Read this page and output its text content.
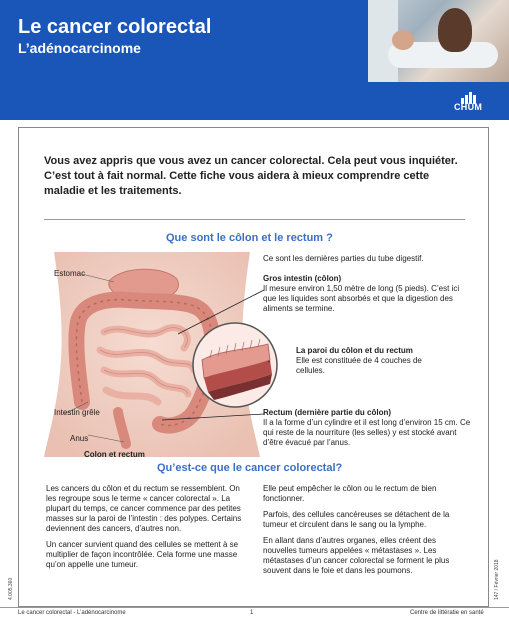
Le cancer colorectal
L’adénocarcinome
CHUM
Vous avez appris que vous avez un cancer colorectal. Cela peut vous inquiéter. C’est tout à fait normal. Cette fiche vous aidera à mieux comprendre cette maladie et les traitements.
Que sont le côlon et le rectum ?
Estomac
Intestin grêle
Anus
Colon et rectum
Ce sont les dernières parties du tube digestif.
Gros intestin (côlon)
Il mesure environ 1,50 mètre de long (5 pieds). C’est ici que les liquides sont absorbés et que la digestion des aliments se termine.
La paroi du côlon et du rectum
Elle est constituée de 4 couches de cellules.
Rectum (dernière partie du côlon)
Il a la forme d’un cylindre et il est long d’environ 15 cm. Ce qui reste de la nourriture (les selles) y est stocké avant d’être évacué par l’anus.
Qu’est-ce que le cancer colorectal?

Les cancers du côlon et du rectum se ressemblent. On les regroupe sous le terme « cancer colorectal ». La plupart du temps, ce cancer commence par des petites masses sur la paroi de l’intestin : des polypes. Certains deviennent des cancers, d’autres non.

Un cancer survient quand des cellules se mettent à se multiplier de façon incontrôlée. Cela forme une masse qu’on appelle une tumeur.

Elle peut empêcher le côlon ou le rectum de bien fonctionner.

Parfois, des cellules cancéreuses se détachent de la tumeur et circulent dans le sang ou la lymphe.

En allant dans d’autres organes, elles créent des nouvelles tumeurs appelées « métastases ». Les métastases d’un cancer colorectal se forment le plus souvent dans le foie et dans les poumons.

4.005.360	147 / Février 2018
Le cancer colorectal - L’adénocarcinome	1	Centre de littératie en santé
